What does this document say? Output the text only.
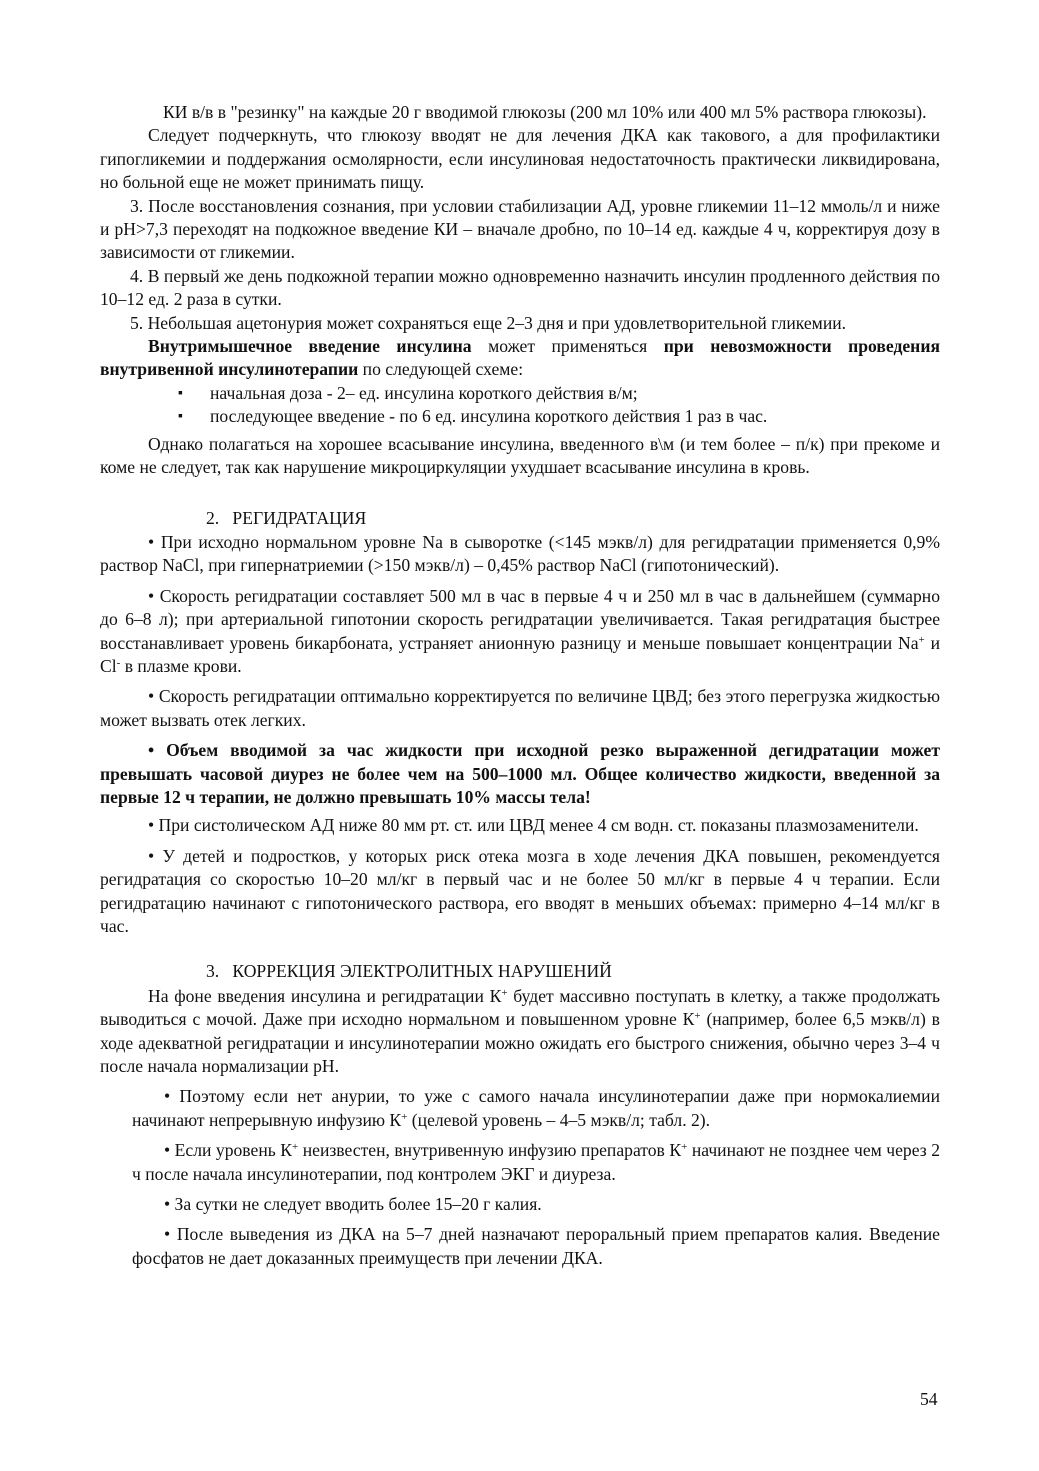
КИ в/в в "резинку" на каждые 20 г вводимой глюкозы (200 мл 10% или 400 мл 5% раствора глюкозы).

Следует подчеркнуть, что глюкозу вводят не для лечения ДКА как такового, а для профилактики гипогликемии и поддержания осмолярности, если инсулиновая недостаточность практически ликвидирована, но больной еще не может принимать пищу.

3. После восстановления сознания, при условии стабилизации АД, уровне гликемии 11–12 ммоль/л и ниже и рН>7,3 переходят на подкожное введение КИ – вначале дробно, по 10–14 ед. каждые 4 ч, корректируя дозу в зависимости от гликемии.

4. В первый же день подкожной терапии можно одновременно назначить инсулин продленного действия по 10–12 ед. 2 раза в сутки.

5. Небольшая ацетонурия может сохраняться еще 2–3 дня и при удовлетворительной гликемии.

Внутримышечное введение инсулина может применяться при невозможности проведения внутривенной инсулинотерапии по следующей схеме:

▪ начальная доза - 2– ед. инсулина короткого действия в/м;

▪ последующее введение - по 6 ед. инсулина короткого действия 1 раз в час.

Однако полагаться на хорошее всасывание инсулина, введенного в\м (и тем более – п/к) при прекоме и коме не следует, так как нарушение микроциркуляции ухудшает всасывание инсулина в кровь.

2. РЕГИДРАТАЦИЯ

• При исходно нормальном уровне Na в сыворотке (<145 мэкв/л) для регидратации применяется 0,9% раствор NaCl, при гипернатриемии (>150 мэкв/л) – 0,45% раствор NaCl (гипотонический).

• Скорость регидратации составляет 500 мл в час в первые 4 ч и 250 мл в час в дальнейшем (суммарно до 6–8 л); при артериальной гипотонии скорость регидратации увеличивается. Такая регидратация быстрее восстанавливает уровень бикарбоната, устраняет анионную разницу и меньше повышает концентрации Na+ и Cl- в плазме крови.

• Скорость регидратации оптимально корректируется по величине ЦВД; без этого перегрузка жидкостью может вызвать отек легких.

• Объем вводимой за час жидкости при исходной резко выраженной дегидратации может превышать часовой диурез не более чем на 500–1000 мл. Общее количество жидкости, введенной за первые 12 ч терапии, не должно превышать 10% массы тела!

• При систолическом АД ниже 80 мм рт. ст. или ЦВД менее 4 см водн. ст. показаны плазмозаменители.

• У детей и подростков, у которых риск отека мозга в ходе лечения ДКА повышен, рекомендуется регидратация со скоростью 10–20 мл/кг в первый час и не более 50 мл/кг в первые 4 ч терапии. Если регидратацию начинают с гипотонического раствора, его вводят в меньших объемах: примерно 4–14 мл/кг в час.

3. КОРРЕКЦИЯ ЭЛЕКТРОЛИТНЫХ НАРУШЕНИЙ

На фоне введения инсулина и регидратации К+ будет массивно поступать в клетку, а также продолжать выводиться с мочой. Даже при исходно нормальном и повышенном уровне К+ (например, более 6,5 мэкв/л) в ходе адекватной регидратации и инсулинотерапии можно ожидать его быстрого снижения, обычно через 3–4 ч после начала нормализации рН.

• Поэтому если нет анурии, то уже с самого начала инсулинотерапии даже при нормокалиемии начинают непрерывную инфузию К+ (целевой уровень – 4–5 мэкв/л; табл. 2).

• Если уровень К+ неизвестен, внутривенную инфузию препаратов К+ начинают не позднее чем через 2 ч после начала инсулинотерапии, под контролем ЭКГ и диуреза.

• За сутки не следует вводить более 15–20 г калия.

• После выведения из ДКА на 5–7 дней назначают пероральный прием препаратов калия. Введение фосфатов не дает доказанных преимуществ при лечении ДКА.

54
